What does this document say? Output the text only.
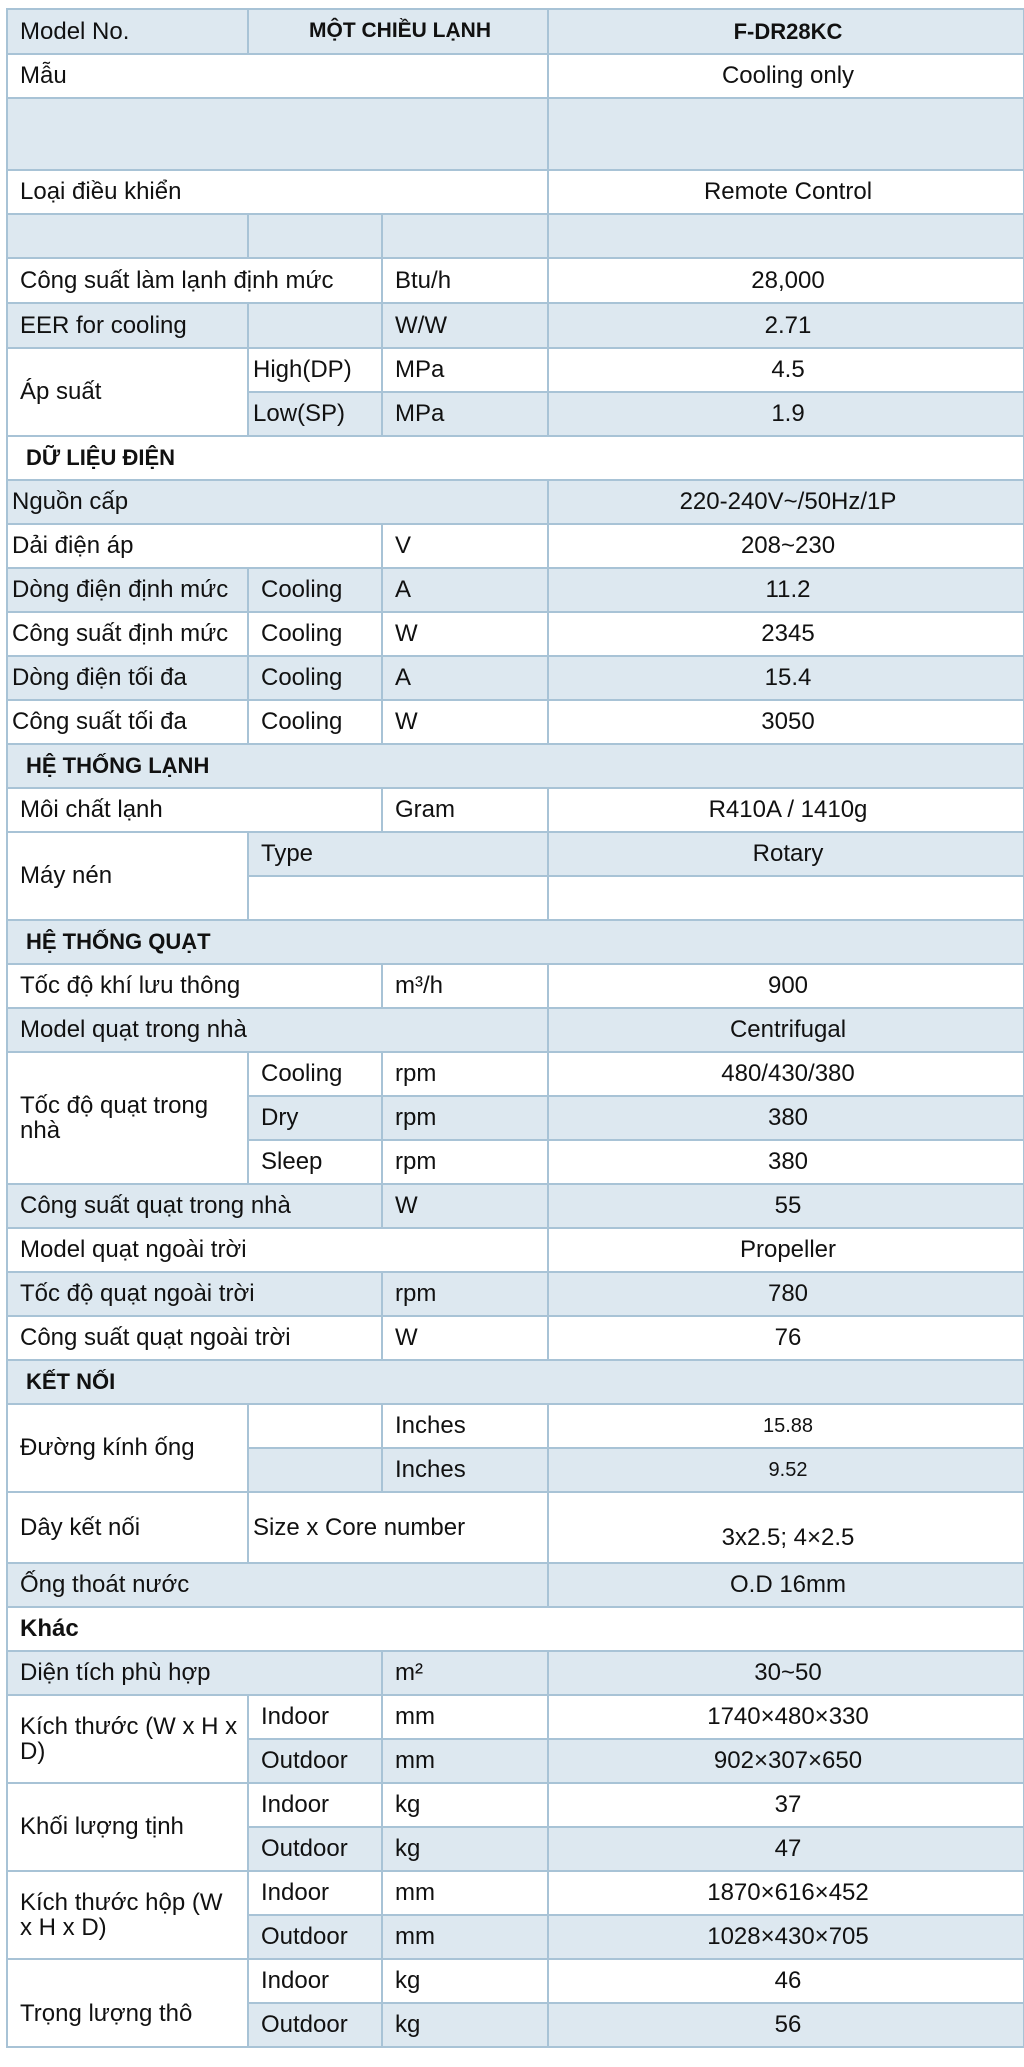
Model No.	MỘT CHIỀU LẠNH		F-DR28KC
Mẫu			Cooling only

Loại điều khiển			Remote Control

Công suất làm lạnh định mức		Btu/h	28,000
EER for cooling		W/W	2.71
Áp suất	High(DP)	MPa	4.5
	Low(SP)	MPa	1.9
DỮ LIỆU ĐIỆN			
Nguồn cấp			220-240V~/50Hz/1P
Dải điện áp		V	208~230
Dòng điện định mức	Cooling	A	11.2
Công suất định mức	Cooling	W	2345
Dòng điện tối đa	Cooling	A	15.4
Công suất tối đa	Cooling	W	3050
HỆ THỐNG LẠNH			
Môi chất lạnh		Gram	R410A / 1410g
Máy nén	Type		Rotary

HỆ THỐNG QUẠT			
Tốc độ khí lưu thông		m³/h	900
Model quạt trong nhà			Centrifugal
Tốc độ quạt trong nhà	Cooling	rpm	480/430/380
	Dry	rpm	380
	Sleep	rpm	380
Công suất quạt trong nhà		W	55
Model quạt ngoài trời			Propeller
Tốc độ quạt ngoài trời		rpm	780
Công suất quạt ngoài trời		W	76
KẾT NỐI			
Đường kính ống		Inches	15.88
		Inches	9.52
Dây kết nối	Size x Core number		3x2.5; 4×2.5
Ống thoát nước			O.D 16mm
Khác			
Diện tích phù hợp		m²	30~50
Kích thước (W x H x D)	Indoor	mm	1740×480×330
	Outdoor	mm	902×307×650
Khối lượng tịnh	Indoor	kg	37
	Outdoor	kg	47
Kích thước hộp (W x H x D)	Indoor	mm	1870×616×452
	Outdoor	mm	1028×430×705
Trọng lượng thô	Indoor	kg	46
	Outdoor	kg	56
